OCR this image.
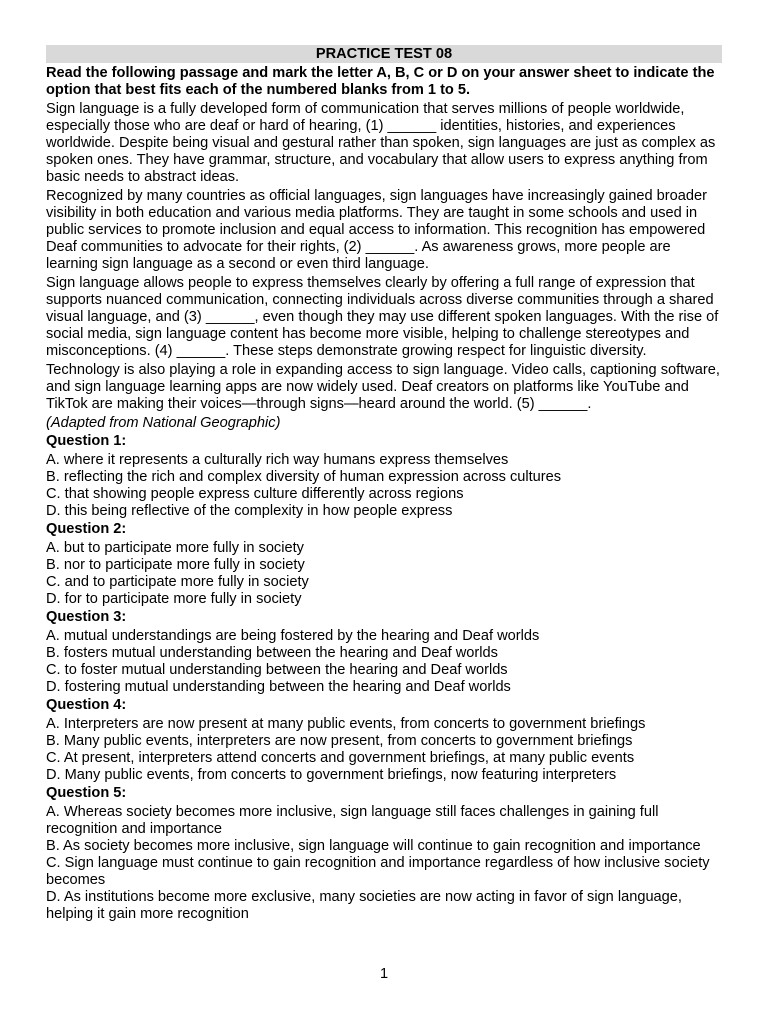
PRACTICE TEST 08
Read the following passage and mark the letter A, B, C or D on your answer sheet to indicate the option that best fits each of the numbered blanks from 1 to 5.
Sign language is a fully developed form of communication that serves millions of people worldwide, especially those who are deaf or hard of hearing, (1) ______ identities, histories, and experiences worldwide. Despite being visual and gestural rather than spoken, sign languages are just as complex as spoken ones. They have grammar, structure, and vocabulary that allow users to express anything from basic needs to abstract ideas.
Recognized by many countries as official languages, sign languages have increasingly gained broader visibility in both education and various media platforms. They are taught in some schools and used in public services to promote inclusion and equal access to information. This recognition has empowered Deaf communities to advocate for their rights, (2) ______. As awareness grows, more people are learning sign language as a second or even third language.
Sign language allows people to express themselves clearly by offering a full range of expression that supports nuanced communication, connecting individuals across diverse communities through a shared visual language, and (3) ______, even though they may use different spoken languages. With the rise of social media, sign language content has become more visible, helping to challenge stereotypes and misconceptions. (4) ______. These steps demonstrate growing respect for linguistic diversity.
Technology is also playing a role in expanding access to sign language. Video calls, captioning software, and sign language learning apps are now widely used. Deaf creators on platforms like YouTube and TikTok are making their voices—through signs—heard around the world. (5) ______.
(Adapted from National Geographic)
Question 1:
A. where it represents a culturally rich way humans express themselves
B. reflecting the rich and complex diversity of human expression across cultures
C. that showing people express culture differently across regions
D. this being reflective of the complexity in how people express
Question 2:
A. but to participate more fully in society
B. nor to participate more fully in society
C. and to participate more fully in society
D. for to participate more fully in society
Question 3:
A. mutual understandings are being fostered by the hearing and Deaf worlds
B. fosters mutual understanding between the hearing and Deaf worlds
C. to foster mutual understanding between the hearing and Deaf worlds
D. fostering mutual understanding between the hearing and Deaf worlds
Question 4:
A. Interpreters are now present at many public events, from concerts to government briefings
B. Many public events, interpreters are now present, from concerts to government briefings
C. At present, interpreters attend concerts and government briefings, at many public events
D. Many public events, from concerts to government briefings, now featuring interpreters
Question 5:
A. Whereas society becomes more inclusive, sign language still faces challenges in gaining full recognition and importance
B. As society becomes more inclusive, sign language will continue to gain recognition and importance
C. Sign language must continue to gain recognition and importance regardless of how inclusive society becomes
D. As institutions become more exclusive, many societies are now acting in favor of sign language, helping it gain more recognition
1
